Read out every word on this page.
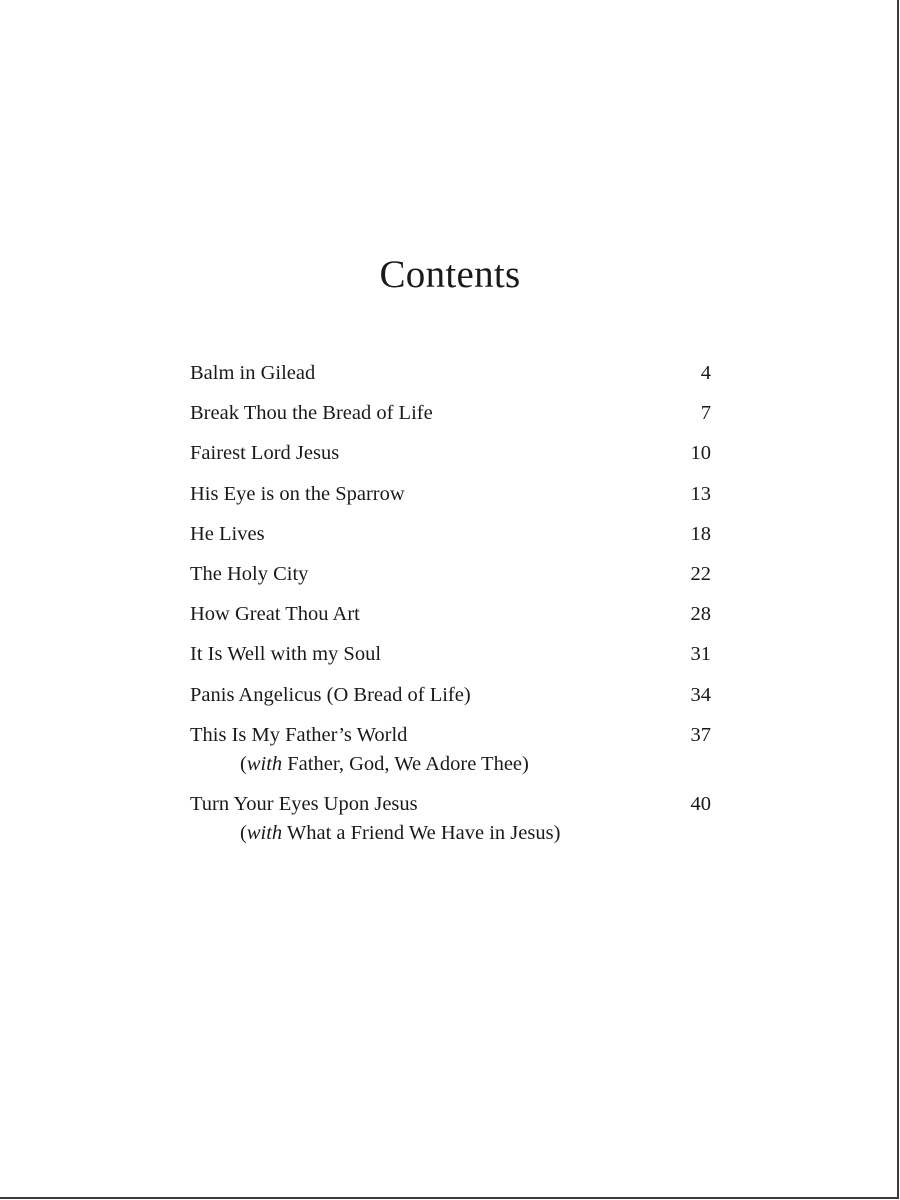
Contents
Balm in Gilead	4
Break Thou the Bread of Life	7
Fairest Lord Jesus	10
His Eye is on the Sparrow	13
He Lives	18
The Holy City	22
How Great Thou Art	28
It Is Well with my Soul	31
Panis Angelicus (O Bread of Life)	34
This Is My Father’s World	37
(with Father, God, We Adore Thee)
Turn Your Eyes Upon Jesus	40
(with What a Friend We Have in Jesus)
